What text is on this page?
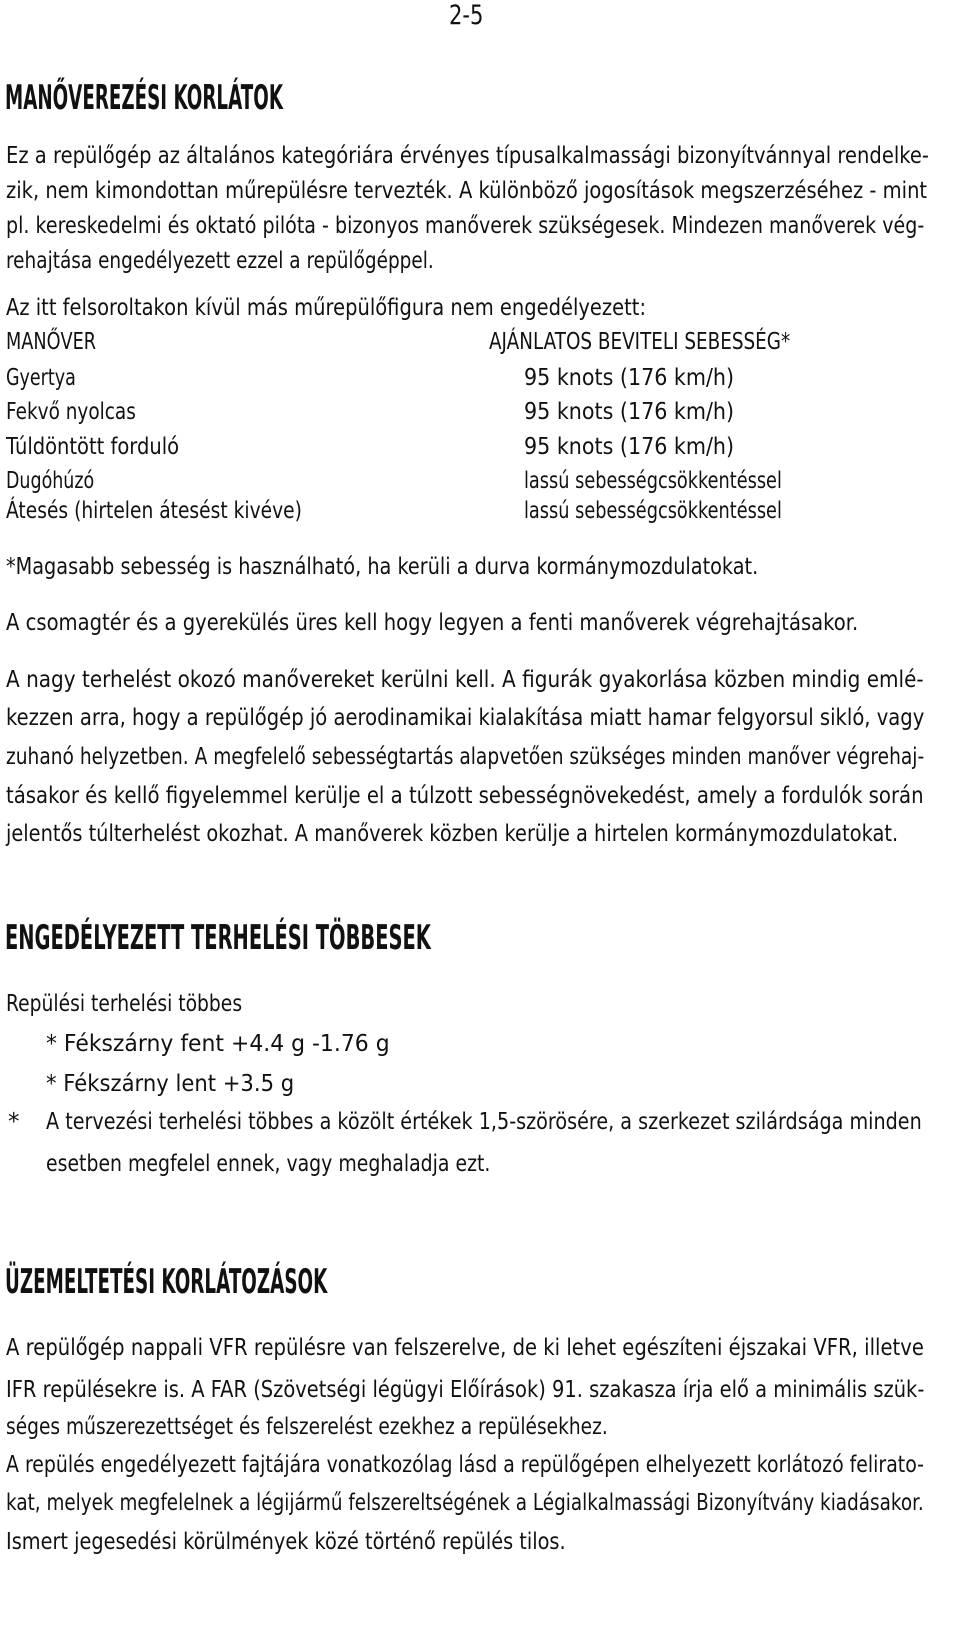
2-5
MANŐVEREZÉSI KORLÁTOK
Ez a repülőgép az általános kategóriára érvényes típusalkalmassági bizonyítvánnyal rendelke-
zik, nem kimondottan műrepülésre tervezték. A különböző jogosítások megszerzéséhez - mint
pl. kereskedelmi és oktató pilóta - bizonyos manőverek szükségesek. Mindezen manőverek vég-
rehajtása engedélyezett ezzel a repülőgéppel.
Az itt felsoroltakon kívül más műrepülőfigura nem engedélyezett:
MANŐVER	AJÁNLATOS BEVITELI SEBESSÉG*
Gyertya	95 knots (176 km/h)
Fekvő nyolcas	95 knots (176 km/h)
Túldöntött forduló	95 knots (176 km/h)
Dugóhúzó	lassú sebességcsökkentéssel
Átesés (hirtelen átesést kivéve)	lassú sebességcsökkentéssel
*Magasabb sebesség is használható, ha kerüli a durva kormánymozdulatokat.
A csomagtér és a gyerekülés üres kell hogy legyen a fenti manőverek végrehajtásakor.
A nagy terhelést okozó manővereket kerülni kell. A figurák gyakorlása közben mindig emlé-
kezzen arra, hogy a repülőgép jó aerodinamikai kialakítása miatt hamar felgyorsul sikló, vagy
zuhanó helyzetben. A megfelelő sebességtartás alapvetően szükséges minden manőver végrehaj-
tásakor és kellő figyelemmel kerülje el a túlzott sebességnövekedést, amely a fordulók során
jelentős túlterhelést okozhat. A manőverek közben kerülje a hirtelen kormánymozdulatokat.
ENGEDÉLYEZETT TERHELÉSI TÖBBESEK
Repülési terhelési többes
* Fékszárny fent +4.4 g -1.76 g
* Fékszárny lent +3.5 g
* A tervezési terhelési többes a közölt értékek 1,5-szörösére, a szerkezet szilárdsága minden
esetben megfelel ennek, vagy meghaladja ezt.
ÜZEMELTETÉSI KORLÁTOZÁSOK
A repülőgép nappali VFR repülésre van felszerelve, de ki lehet egészíteni éjszakai VFR, illetve
IFR repülésekre is. A FAR (Szövetségi légügyi Előírások) 91. szakasza írja elő a minimális szük-
séges műszerezettséget és felszerelést ezekhez a repülésekhez.
A repülés engedélyezett fajtájára vonatkozólag lásd a repülőgépen elhelyezett korlátozó felirato-
kat, melyek megfelelnek a légijármű felszereltségének a Légialkalmassági Bizonyítvány kiadásakor.
Ismert jegesedési körülmények közé történő repülés tilos.
